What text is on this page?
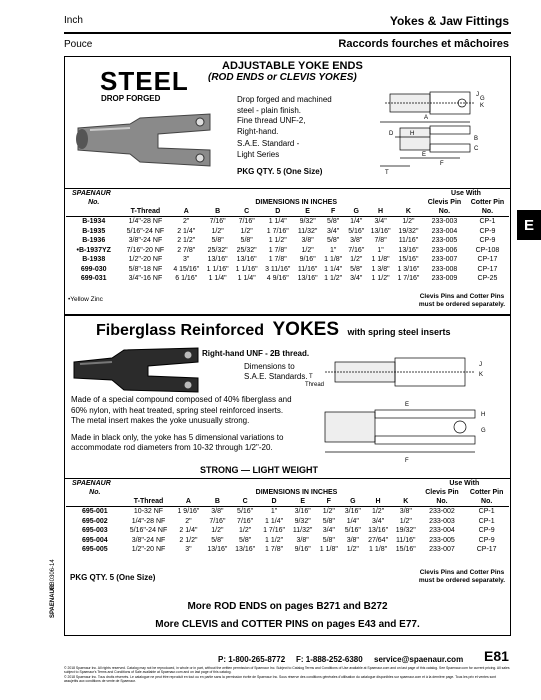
Inch
Pouce
Yokes & Jaw Fittings
Raccords fourches et mâchoires
E
GB0306-14
SPAENAUR
STEEL
DROP FORGED
ADJUSTABLE YOKE ENDS
(ROD ENDS or CLEVIS YOKES)
Drop forged and machined
steel - plain finish.
Fine thread UNF-2,
Right-hand.
S.A.E. Standard -
Light Series
PKG QTY. 5 (One Size)
J
G
K
A
D	H
E
B
C
F
T
SPAENAUR											Use With	
No.		DIMENSIONS IN INCHES									Clevis Pin	Cotter Pin
	T-Thread	A	B	C	D	E	F	G	H	K	No.	No.
B-1934	1/4"-28 NF	2"	7/16"	7/16"	1 1/4"	9/32"	5/8"	1/4"	3/4"	1/2"	233-003	CP-1
B-1935	5/16"-24 NF	2 1/4"	1/2"	1/2"	1 7/16"	11/32"	3/4"	5/16"	13/16"	19/32"	233-004	CP-9
B-1936	3/8"-24 NF	2 1/2"	5/8"	5/8"	1 1/2"	3/8"	5/8"	3/8"	7/8"	11/16"	233-005	CP-9
•B-1937YZ	7/16"-20 NF	2 7/8"	25/32"	25/32"	1 7/8"	1/2"	1"	7/16"	1"	13/16"	233-006	CP-108
B-1938	1/2"-20 NF	3"	13/16"	13/16"	1 7/8"	9/16"	1 1/8"	1/2"	1 1/8"	15/16"	233-007	CP-17
699-030	5/8"-18 NF	4 15/16"	1 1/16"	1 1/16"	3 11/16"	11/16"	1 1/4"	5/8"	1 3/8"	1 3/16"	233-008	CP-17
699-031	3/4"-16 NF	6 1/16"	1 1/4"	1 1/4"	4 9/16"	13/16"	1 1/2"	3/4"	1 1/2"	1 7/16"	233-009	CP-25
•Yellow Zinc	Clevis Pins and Cotter Pins
must be ordered separately.
Fiberglass Reinforced YOKES with spring steel inserts
Right-hand UNF - 2B thread.
Dimensions to
S.A.E. Standards. T
Thread
J
K
E
H
G
F
Made of a special compound composed of 40% fiberglass and
60% nylon, with heat treated, spring steel reinforced inserts.
The metal insert makes the yoke unusually strong.
Made in black only, the yoke has 5 dimensional variations to
accommodate rod diameters from 10-32 through 1/2"-20.
STRONG — LIGHT WEIGHT
SPAENAUR											Use With	
No.		DIMENSIONS IN INCHES									Clevis Pin	Cotter Pin
	T-Thread	A	B	C	D	E	F	G	H	K	No.	No.
695-001	10-32 NF	1 9/16"	3/8"	5/16"	1"	3/16"	1/2"	3/16"	1/2"	3/8"	233-002	CP-1
695-002	1/4"-28 NF	2"	7/16"	7/16"	1 1/4"	9/32"	5/8"	1/4"	3/4"	1/2"	233-003	CP-1
695-003	5/16"-24 NF	2 1/4"	1/2"	1/2"	1 7/16"	11/32"	3/4"	5/16"	13/16"	19/32"	233-004	CP-9
695-004	3/8"-24 NF	2 1/2"	5/8"	5/8"	1 1/2"	3/8"	5/8"	3/8"	27/64"	11/16"	233-005	CP-9
695-005	1/2"-20 NF	3"	13/16"	13/16"	1 7/8"	9/16"	1 1/8"	1/2"	1 1/8"	15/16"	233-007	CP-17
PKG QTY. 5 (One Size)
Clevis Pins and Cotter Pins
must be ordered separately.
More ROD ENDS on pages B271 and B272
More CLEVIS and COTTER PINS on pages E43 and E77.
P: 1-800-265-8772 F: 1-888-252-6380 service@spaenaur.com E81
© 2018 Spaenaur Inc. All rights reserved. Catalog may not be reproduced, in whole or in part, without the written permission of Spaenaur Inc. Subject to Catalog Terms and Conditions of Use available at Spaenaur.com and on last page of this catalog. See Spaenaur.com for current pricing. All sales subject to Spaenaur's Terms and Conditions of Sale available at Spaenaur.com and on last page of this catalog.
© 2018 Spaenaur Inc. Tous droits réservés. Le catalogue ne peut être reproduit en tout ou en partie sans la permission écrite de Spaenaur Inc. Sous réserve des conditions générales d'utilisation du catalogue disponibles sur spaenaur.com et à la dernière page. Tous les prix et ventes sont assujettis aux conditions de vente de Spaenaur.
